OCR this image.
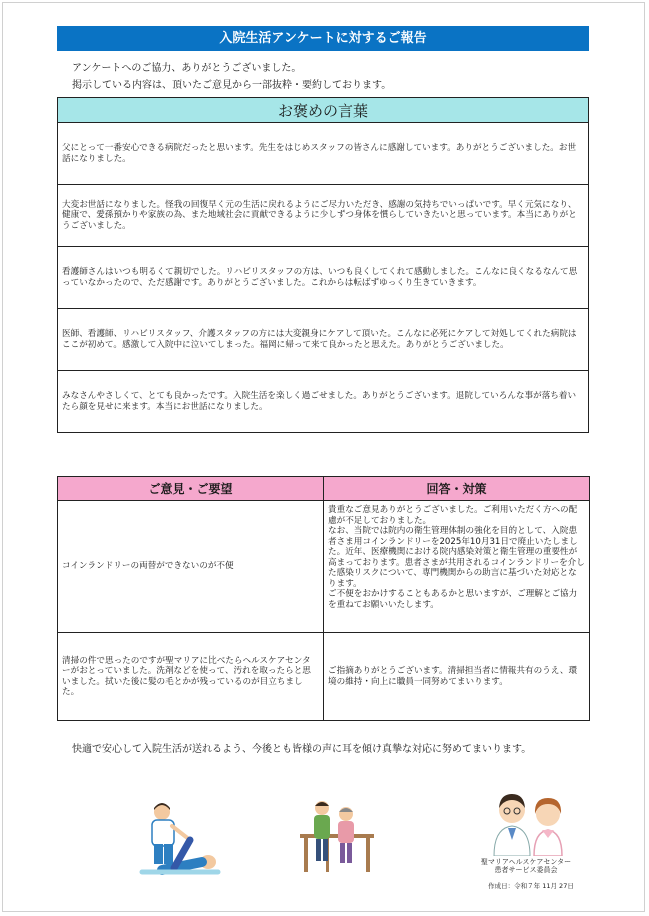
入院生活アンケートに対するご報告
アンケートへのご協力、ありがとうございました。
掲示している内容は、頂いたご意見から一部抜粋・要約しております。
お褒めの言葉
父にとって一番安心できる病院だったと思います。先生をはじめスタッフの皆さんに感謝しています。ありがとうございました。お世話になりました。
大変お世話になりました。怪我の回復早く元の生活に戻れるようにご尽力いただき、感謝の気持ちでいっぱいです。早く元気になり、健康で、愛孫預かりや家族の為、また地域社会に貢献できるように少しずつ身体を慣らしていきたいと思っています。本当にありがとうございました。
看護師さんはいつも明るくて親切でした。リハビリスタッフの方は、いつも良くしてくれて感動しました。こんなに良くなるなんて思っていなかったので、ただ感謝です。ありがとうございました。これからは転ばずゆっくり生きていきます。
医師、看護師、リハビリスタッフ、介護スタッフの方には大変親身にケアして頂いた。こんなに必死にケアして対処してくれた病院はここが初めて。感激して入院中に泣いてしまった。福岡に帰って来て良かったと思えた。ありがとうございました。
みなさんやさしくて、とても良かったです。入院生活を楽しく過ごせました。ありがとうございます。退院していろんな事が落ち着いたら顔を見せに来ます。本当にお世話になりました。
ご意見・ご要望	回答・対策
コインランドリーの両替ができないのが不便	貴重なご意見ありがとうございました。ご利用いただく方への配慮が不足しておりました。
なお、当院では院内の衛生管理体制の強化を目的として、入院患者さま用コインランドリーを2025年10月31日で廃止いたしました。近年、医療機関における院内感染対策と衛生管理の重要性が高まっております。患者さまが共用されるコインランドリーを介した感染リスクについて、専門機関からの助言に基づいた対応となります。
ご不便をおかけすることもあるかと思いますが、ご理解とご協力を重ねてお願いいたします。
清掃の件で思ったのですが聖マリアに比べたらヘルスケアセンターがおとっていました。洗剤などを使って、汚れを取ったらと思いました。拭いた後に髪の毛とかが残っているのが目立ちました。	ご指摘ありがとうございます。清掃担当者に情報共有のうえ、環境の維持・向上に職員一同努めてまいります。
快適で安心して入院生活が送れるよう、今後とも皆様の声に耳を傾け真摯な対応に努めてまいります。
聖マリアヘルスケアセンター
患者サービス委員会
作成日：令和７年 11月 27日
